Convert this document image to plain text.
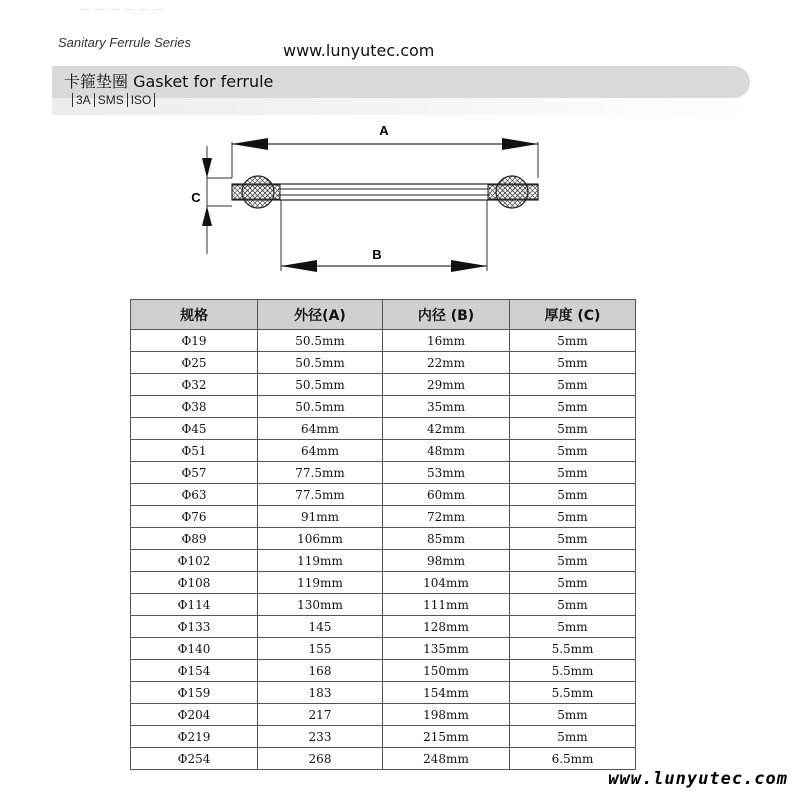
— — — — — —
Sanitary Ferrule Series	www.lunyutec.com
卡箍垫圈 Gasket for ferrule
3A SMS ISO
A
C
B
规格	外径(A)	内径 (B)	厚度 (C)
Φ19	50.5mm	16mm	5mm
Φ25	50.5mm	22mm	5mm
Φ32	50.5mm	29mm	5mm
Φ38	50.5mm	35mm	5mm
Φ45	64mm	42mm	5mm
Φ51	64mm	48mm	5mm
Φ57	77.5mm	53mm	5mm
Φ63	77.5mm	60mm	5mm
Φ76	91mm	72mm	5mm
Φ89	106mm	85mm	5mm
Φ102	119mm	98mm	5mm
Φ108	119mm	104mm	5mm
Φ114	130mm	111mm	5mm
Φ133	145	128mm	5mm
Φ140	155	135mm	5.5mm
Φ154	168	150mm	5.5mm
Φ159	183	154mm	5.5mm
Φ204	217	198mm	5mm
Φ219	233	215mm	5mm
Φ254	268	248mm	6.5mm
www.lunyutec.com
